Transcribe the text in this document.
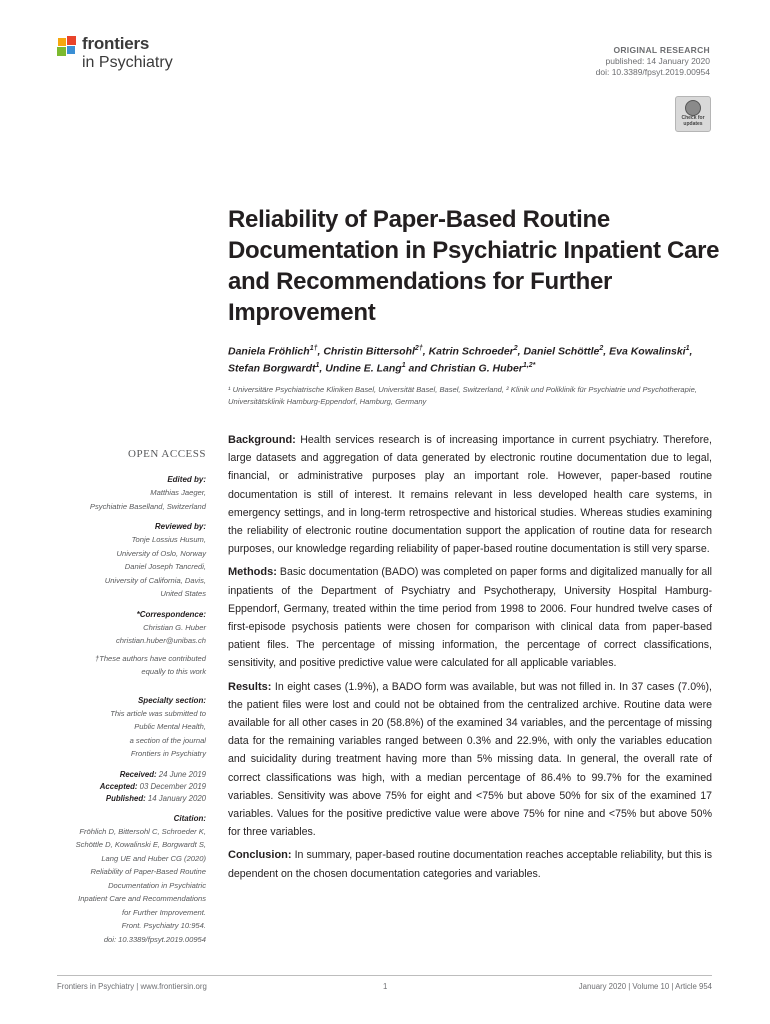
frontiers
in Psychiatry
ORIGINAL RESEARCH
published: 14 January 2020
doi: 10.3389/fpsyt.2019.00954
Check for
updates
Reliability of Paper-Based Routine Documentation in Psychiatric Inpatient Care and Recommendations for Further Improvement
Daniela Fröhlich$^{1\dagger}$, Christin Bittersohl$^{2\dagger}$, Katrin Schroeder$^2$, Daniel Schöttle$^2$, Eva Kowalinski$^1$, Stefan Borgwardt$^1$, Undine E. Lang$^1$ and Christian G. Huber$^{1,2*}$
¹ Universitäre Psychiatrische Kliniken Basel, Universität Basel, Basel, Switzerland, ² Klinik und Poliklinik für Psychiatrie und Psychotherapie, Universitätsklinik Hamburg-Eppendorf, Hamburg, Germany
OPEN ACCESS
Edited by:
Matthias Jaeger,
Psychiatrie Baselland, Switzerland
Reviewed by:
Tonje Lossius Husum,
University of Oslo, Norway
Daniel Joseph Tancredi,
University of California, Davis,
United States
*Correspondence:
Christian G. Huber
christian.huber@unibas.ch
†These authors have contributed
equally to this work
Specialty section:
This article was submitted to
Public Mental Health,
a section of the journal
Frontiers in Psychiatry
Received: 24 June 2019
Accepted: 03 December 2019
Published: 14 January 2020
Citation:
Fröhlich D, Bittersohl C, Schroeder K,
Schöttle D, Kowalinski E, Borgwardt S,
Lang UE and Huber CG (2020)
Reliability of Paper-Based Routine
Documentation in Psychiatric
Inpatient Care and Recommendations
for Further Improvement.
Front. Psychiatry 10:954.
doi: 10.3389/fpsyt.2019.00954

Background: Health services research is of increasing importance in current psychiatry. Therefore, large datasets and aggregation of data generated by electronic routine documentation due to legal, financial, or administrative purposes play an important role. However, paper-based routine documentation is still of interest. It remains relevant in less developed health care systems, in emergency settings, and in long-term retrospective and historical studies. Whereas studies examining the reliability of electronic routine documentation support the application of routine data for research purposes, our knowledge regarding reliability of paper-based routine documentation is still very sparse.

Methods: Basic documentation (BADO) was completed on paper forms and digitalized manually for all inpatients of the Department of Psychiatry and Psychotherapy, University Hospital Hamburg-Eppendorf, Germany, treated within the time period from 1998 to 2006. Four hundred twelve cases of first-episode psychosis patients were chosen for comparison with clinical data from paper-based patient files. The percentage of missing information, the percentage of correct classifications, sensitivity, and positive predictive value were calculated for all applicable variables.

Results: In eight cases (1.9%), a BADO form was available, but was not filled in. In 37 cases (7.0%), the patient files were lost and could not be obtained from the centralized archive. Routine data were available for all other cases in 20 (58.8%) of the examined 34 variables, and the percentage of missing data for the remaining variables ranged between 0.3% and 22.9%, with only the variables education and suicidality during treatment having more than 5% missing data. In general, the overall rate of correct classifications was high, with a median percentage of 86.4% to 99.7% for the examined variables. Sensitivity was above 75% for eight and <75% but above 50% for six of the examined 17 variables. Values for the positive predictive value were above 75% for nine and <75% but above 50% for three variables.

Conclusion: In summary, paper-based routine documentation reaches acceptable reliability, but this is dependent on the chosen documentation categories and variables.

Frontiers in Psychiatry | www.frontiersin.org	1	January 2020 | Volume 10 | Article 954
